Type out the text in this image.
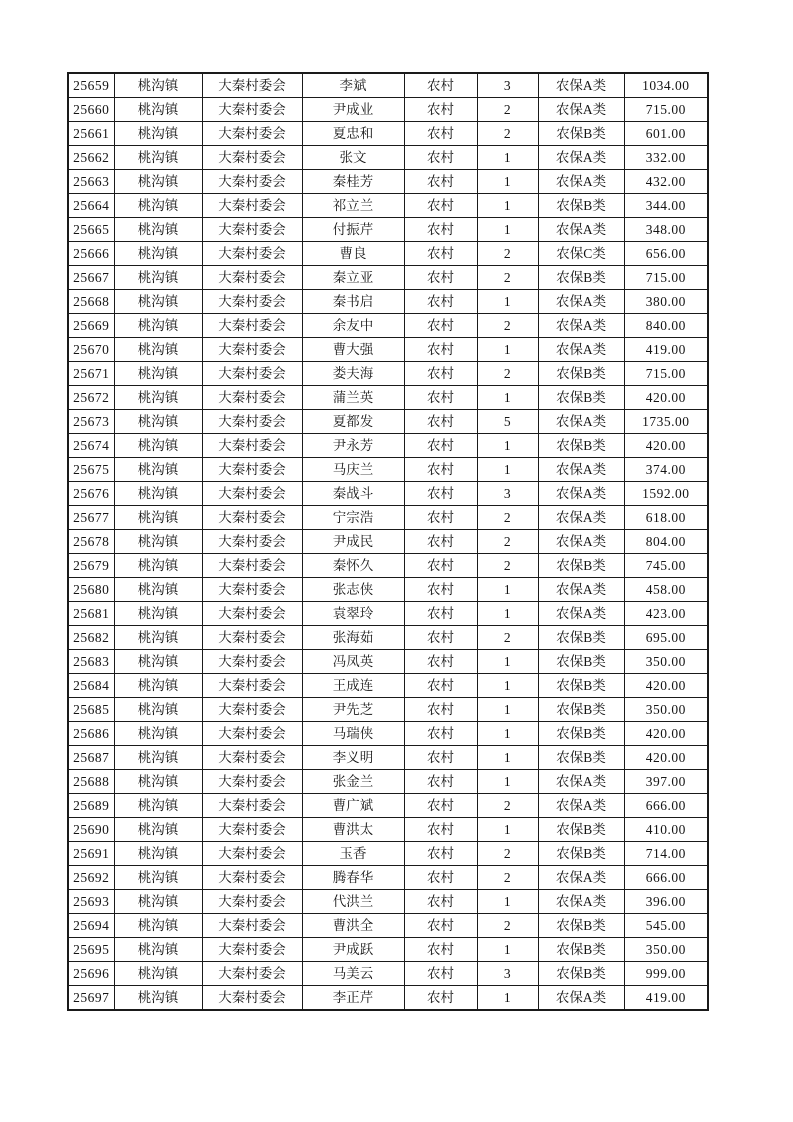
25659	桃沟镇	大秦村委会	李斌	农村	3	农保A类	1034.00
25660	桃沟镇	大秦村委会	尹成业	农村	2	农保A类	715.00
25661	桃沟镇	大秦村委会	夏忠和	农村	2	农保B类	601.00
25662	桃沟镇	大秦村委会	张文	农村	1	农保A类	332.00
25663	桃沟镇	大秦村委会	秦桂芳	农村	1	农保A类	432.00
25664	桃沟镇	大秦村委会	祁立兰	农村	1	农保B类	344.00
25665	桃沟镇	大秦村委会	付振芹	农村	1	农保A类	348.00
25666	桃沟镇	大秦村委会	曹良	农村	2	农保C类	656.00
25667	桃沟镇	大秦村委会	秦立亚	农村	2	农保B类	715.00
25668	桃沟镇	大秦村委会	秦书启	农村	1	农保A类	380.00
25669	桃沟镇	大秦村委会	余友中	农村	2	农保A类	840.00
25670	桃沟镇	大秦村委会	曹大强	农村	1	农保A类	419.00
25671	桃沟镇	大秦村委会	娄夫海	农村	2	农保B类	715.00
25672	桃沟镇	大秦村委会	蒲兰英	农村	1	农保B类	420.00
25673	桃沟镇	大秦村委会	夏都发	农村	5	农保A类	1735.00
25674	桃沟镇	大秦村委会	尹永芳	农村	1	农保B类	420.00
25675	桃沟镇	大秦村委会	马庆兰	农村	1	农保A类	374.00
25676	桃沟镇	大秦村委会	秦战斗	农村	3	农保A类	1592.00
25677	桃沟镇	大秦村委会	宁宗浩	农村	2	农保A类	618.00
25678	桃沟镇	大秦村委会	尹成民	农村	2	农保A类	804.00
25679	桃沟镇	大秦村委会	秦怀久	农村	2	农保B类	745.00
25680	桃沟镇	大秦村委会	张志侠	农村	1	农保A类	458.00
25681	桃沟镇	大秦村委会	袁翠玲	农村	1	农保A类	423.00
25682	桃沟镇	大秦村委会	张海茹	农村	2	农保B类	695.00
25683	桃沟镇	大秦村委会	冯凤英	农村	1	农保B类	350.00
25684	桃沟镇	大秦村委会	王成连	农村	1	农保B类	420.00
25685	桃沟镇	大秦村委会	尹先芝	农村	1	农保B类	350.00
25686	桃沟镇	大秦村委会	马瑞侠	农村	1	农保B类	420.00
25687	桃沟镇	大秦村委会	李义明	农村	1	农保B类	420.00
25688	桃沟镇	大秦村委会	张金兰	农村	1	农保A类	397.00
25689	桃沟镇	大秦村委会	曹广斌	农村	2	农保A类	666.00
25690	桃沟镇	大秦村委会	曹洪太	农村	1	农保B类	410.00
25691	桃沟镇	大秦村委会	玉香	农村	2	农保B类	714.00
25692	桃沟镇	大秦村委会	腾春华	农村	2	农保A类	666.00
25693	桃沟镇	大秦村委会	代洪兰	农村	1	农保A类	396.00
25694	桃沟镇	大秦村委会	曹洪全	农村	2	农保B类	545.00
25695	桃沟镇	大秦村委会	尹成跃	农村	1	农保B类	350.00
25696	桃沟镇	大秦村委会	马美云	农村	3	农保B类	999.00
25697	桃沟镇	大秦村委会	李正芹	农村	1	农保A类	419.00
